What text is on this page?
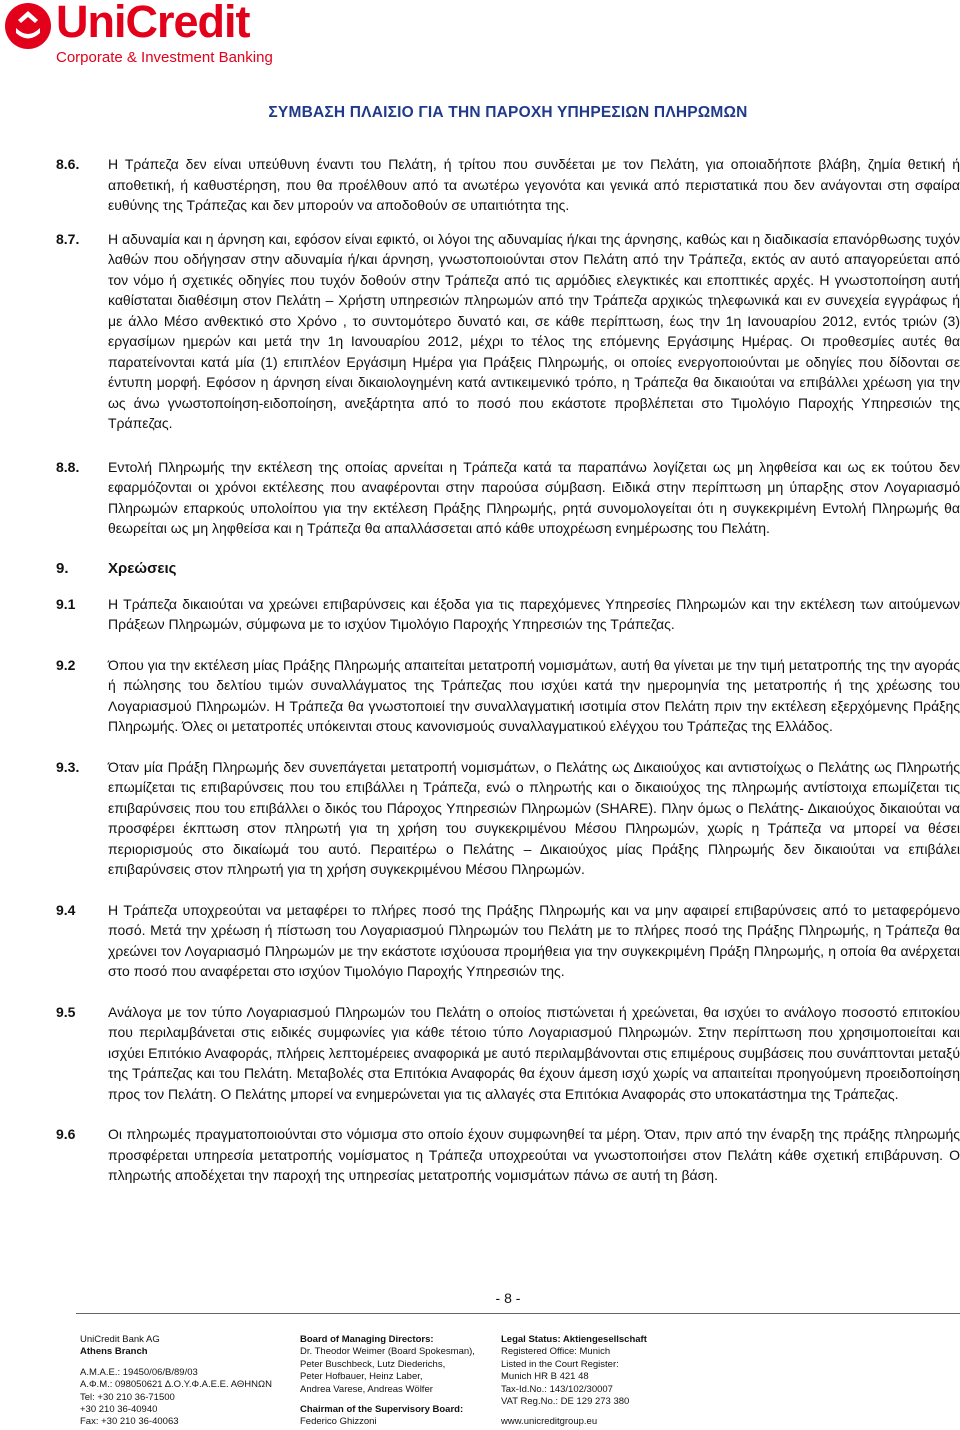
UniCredit
Corporate & Investment Banking
ΣΥΜΒΑΣΗ ΠΛΑΙΣΙΟ ΓΙΑ ΤΗΝ ΠΑΡΟΧΗ ΥΠΗΡΕΣΙΩΝ ΠΛΗΡΩΜΩΝ

8.6. Η Τράπεζα δεν είναι υπεύθυνη έναντι του Πελάτη, ή τρίτου που συνδέεται με τον Πελάτη, για οποιαδήποτε βλάβη, ζημία θετική ή αποθετική, ή καθυστέρηση, που θα προέλθουν από τα ανωτέρω γεγονότα και γενικά από περιστατικά που δεν ανάγονται στη σφαίρα ευθύνης της Τράπεζας και δεν μπορούν να αποδοθούν σε υπαιτιότητα της.

8.7. Η αδυναμία και η άρνηση και, εφόσον είναι εφικτό, οι λόγοι της αδυναμίας ή/και της άρνησης, καθώς και η διαδικασία επανόρθωσης τυχόν λαθών που οδήγησαν στην αδυναμία ή/και άρνηση, γνωστοποιούνται στον Πελάτη από την Τράπεζα, εκτός αν αυτό απαγορεύεται από τον νόμο ή σχετικές οδηγίες που τυχόν δοθούν στην Τράπεζα από τις αρμόδιες ελεγκτικές και εποπτικές αρχές. Η γνωστοποίηση αυτή καθίσταται διαθέσιμη στον Πελάτη – Χρήστη υπηρεσιών πληρωμών από την Τράπεζα αρχικώς τηλεφωνικά και εν συνεχεία εγγράφως ή με άλλο Μέσο ανθεκτικό στο Χρόνο , το συντομότερο δυνατό και, σε κάθε περίπτωση, έως την 1η Ιανουαρίου 2012, εντός τριών (3) εργασίμων ημερών και μετά την 1η Ιανουαρίου 2012, μέχρι το τέλος της επόμενης Εργάσιμης Ημέρας. Οι προθεσμίες αυτές θα παρατείνονται κατά μία (1) επιπλέον Εργάσιμη Ημέρα για Πράξεις Πληρωμής, οι οποίες ενεργοποιούνται με οδηγίες που δίδονται σε έντυπη μορφή. Εφόσον η άρνηση είναι δικαιολογημένη κατά αντικειμενικό τρόπο, η Τράπεζα θα δικαιούται να επιβάλλει χρέωση για την ως άνω γνωστοποίηση-ειδοποίηση, ανεξάρτητα από το ποσό που εκάστοτε προβλέπεται στο Τιμολόγιο Παροχής Υπηρεσιών της Τράπεζας.

8.8. Εντολή Πληρωμής την εκτέλεση της οποίας αρνείται η Τράπεζα κατά τα παραπάνω λογίζεται ως μη ληφθείσα και ως εκ τούτου δεν εφαρμόζονται οι χρόνοι εκτέλεσης που αναφέρονται στην παρούσα σύμβαση. Ειδικά στην περίπτωση μη ύπαρξης στον Λογαριασμό Πληρωμών επαρκούς υπολοίπου για την εκτέλεση Πράξης Πληρωμής, ρητά συνομολογείται ότι η συγκεκριμένη Εντολή Πληρωμής θα θεωρείται ως μη ληφθείσα και η Τράπεζα θα απαλλάσσεται από κάθε υποχρέωση ενημέρωσης του Πελάτη.

9.	Χρεώσεις

9.1 Η Τράπεζα δικαιούται να χρεώνει επιβαρύνσεις και έξοδα για τις παρεχόμενες Υπηρεσίες Πληρωμών και την εκτέλεση των αιτούμενων Πράξεων Πληρωμών, σύμφωνα με το ισχύον Τιμολόγιο Παροχής Υπηρεσιών της Τράπεζας.

9.2 Όπου για την εκτέλεση μίας Πράξης Πληρωμής απαιτείται μετατροπή νομισμάτων, αυτή θα γίνεται με την τιμή μετατροπής της την αγοράς ή πώλησης του δελτίου τιμών συναλλάγματος της Τράπεζας που ισχύει κατά την ημερομηνία της μετατροπής ή της χρέωσης του Λογαριασμού Πληρωμών. Η Τράπεζα θα γνωστοποιεί την συναλλαγματική ισοτιμία στον Πελάτη πριν την εκτέλεση εξερχόμενης Πράξης Πληρωμής. Όλες οι μετατροπές υπόκεινται στους κανονισμούς συναλλαγματικού ελέγχου του Τράπεζας της Ελλάδος.

9.3. Όταν μία Πράξη Πληρωμής δεν συνεπάγεται μετατροπή νομισμάτων, ο Πελάτης ως Δικαιούχος και αντιστοίχως ο Πελάτης ως Πληρωτής επωμίζεται τις επιβαρύνσεις που του επιβάλλει η Τράπεζα, ενώ ο πληρωτής και ο δικαιούχος της πληρωμής αντίστοιχα επωμίζεται τις επιβαρύνσεις που του επιβάλλει ο δικός του Πάροχος Υπηρεσιών Πληρωμών (SHARE). Πλην όμως ο Πελάτης- Δικαιούχος δικαιούται να προσφέρει έκπτωση στον πληρωτή για τη χρήση του συγκεκριμένου Μέσου Πληρωμών, χωρίς η Τράπεζα να μπορεί να θέσει περιορισμούς στο δικαίωμά του αυτό. Περαιτέρω ο Πελάτης – Δικαιούχος μίας Πράξης Πληρωμής δεν δικαιούται να επιβάλει επιβαρύνσεις στον πληρωτή για τη χρήση συγκεκριμένου Μέσου Πληρωμών.

9.4 Η Τράπεζα υποχρεούται να μεταφέρει το πλήρες ποσό της Πράξης Πληρωμής και να μην αφαιρεί επιβαρύνσεις από το μεταφερόμενο ποσό. Μετά την χρέωση ή πίστωση του Λογαριασμού Πληρωμών του Πελάτη με το πλήρες ποσό της Πράξης Πληρωμής, η Τράπεζα θα χρεώνει τον Λογαριασμό Πληρωμών με την εκάστοτε ισχύουσα προμήθεια για την συγκεκριμένη Πράξη Πληρωμής, η οποία θα ανέρχεται στο ποσό που αναφέρεται στο ισχύον Τιμολόγιο Παροχής Υπηρεσιών της.

9.5 Ανάλογα με τον τύπο Λογαριασμού Πληρωμών του Πελάτη ο οποίος πιστώνεται ή χρεώνεται, θα ισχύει το ανάλογο ποσοστό επιτοκίου που περιλαμβάνεται στις ειδικές συμφωνίες για κάθε τέτοιο τύπο Λογαριασμού Πληρωμών. Στην περίπτωση που χρησιμοποιείται και ισχύει Επιτόκιο Αναφοράς, πλήρεις λεπτομέρειες αναφορικά με αυτό περιλαμβάνονται στις επιμέρους συμβάσεις που συνάπτονται μεταξύ της Τράπεζας και του Πελάτη. Μεταβολές στα Επιτόκια Αναφοράς θα έχουν άμεση ισχύ χωρίς να απαιτείται προηγούμενη προειδοποίηση προς τον Πελάτη. Ο Πελάτης μπορεί να ενημερώνεται για τις αλλαγές στα Επιτόκια Αναφοράς στο υποκατάστημα της Τράπεζας.

9.6 Οι πληρωμές πραγματοποιούνται στο νόμισμα στο οποίο έχουν συμφωνηθεί τα μέρη. Όταν, πριν από την έναρξη της πράξης πληρωμής προσφέρεται υπηρεσία μετατροπής νομίσματος η Τράπεζα υποχρεούται να γνωστοποιήσει στον Πελάτη κάθε σχετική επιβάρυνση. Ο πληρωτής αποδέχεται την παροχή της υπηρεσίας μετατροπής νομισμάτων πάνω σε αυτή τη βάση.

- 8 -
UniCredit Bank AG
Athens Branch
Α.Μ.Α.Ε.: 19450/06/Β/89/03
Α.Φ.Μ.: 098050621 Δ.Ο.Υ.Φ.Α.Ε.Ε. ΑΘΗΝΩΝ
Tel: +30 210 36-71500
+30 210 36-40940
Fax: +30 210 36-40063
Board of Managing Directors:
Dr. Theodor Weimer (Board Spokesman),
Peter Buschbeck, Lutz Diederichs,
Peter Hofbauer, Heinz Laber,
Andrea Varese, Andreas Wölfer
Chairman of the Supervisory Board:
Federico Ghizzoni
Legal Status: Aktiengesellschaft
Registered Office: Munich
Listed in the Court Register:
Munich HR B 421 48
Tax-Id.No.: 143/102/30007
VAT Reg.No.: DE 129 273 380
www.unicreditgroup.eu
